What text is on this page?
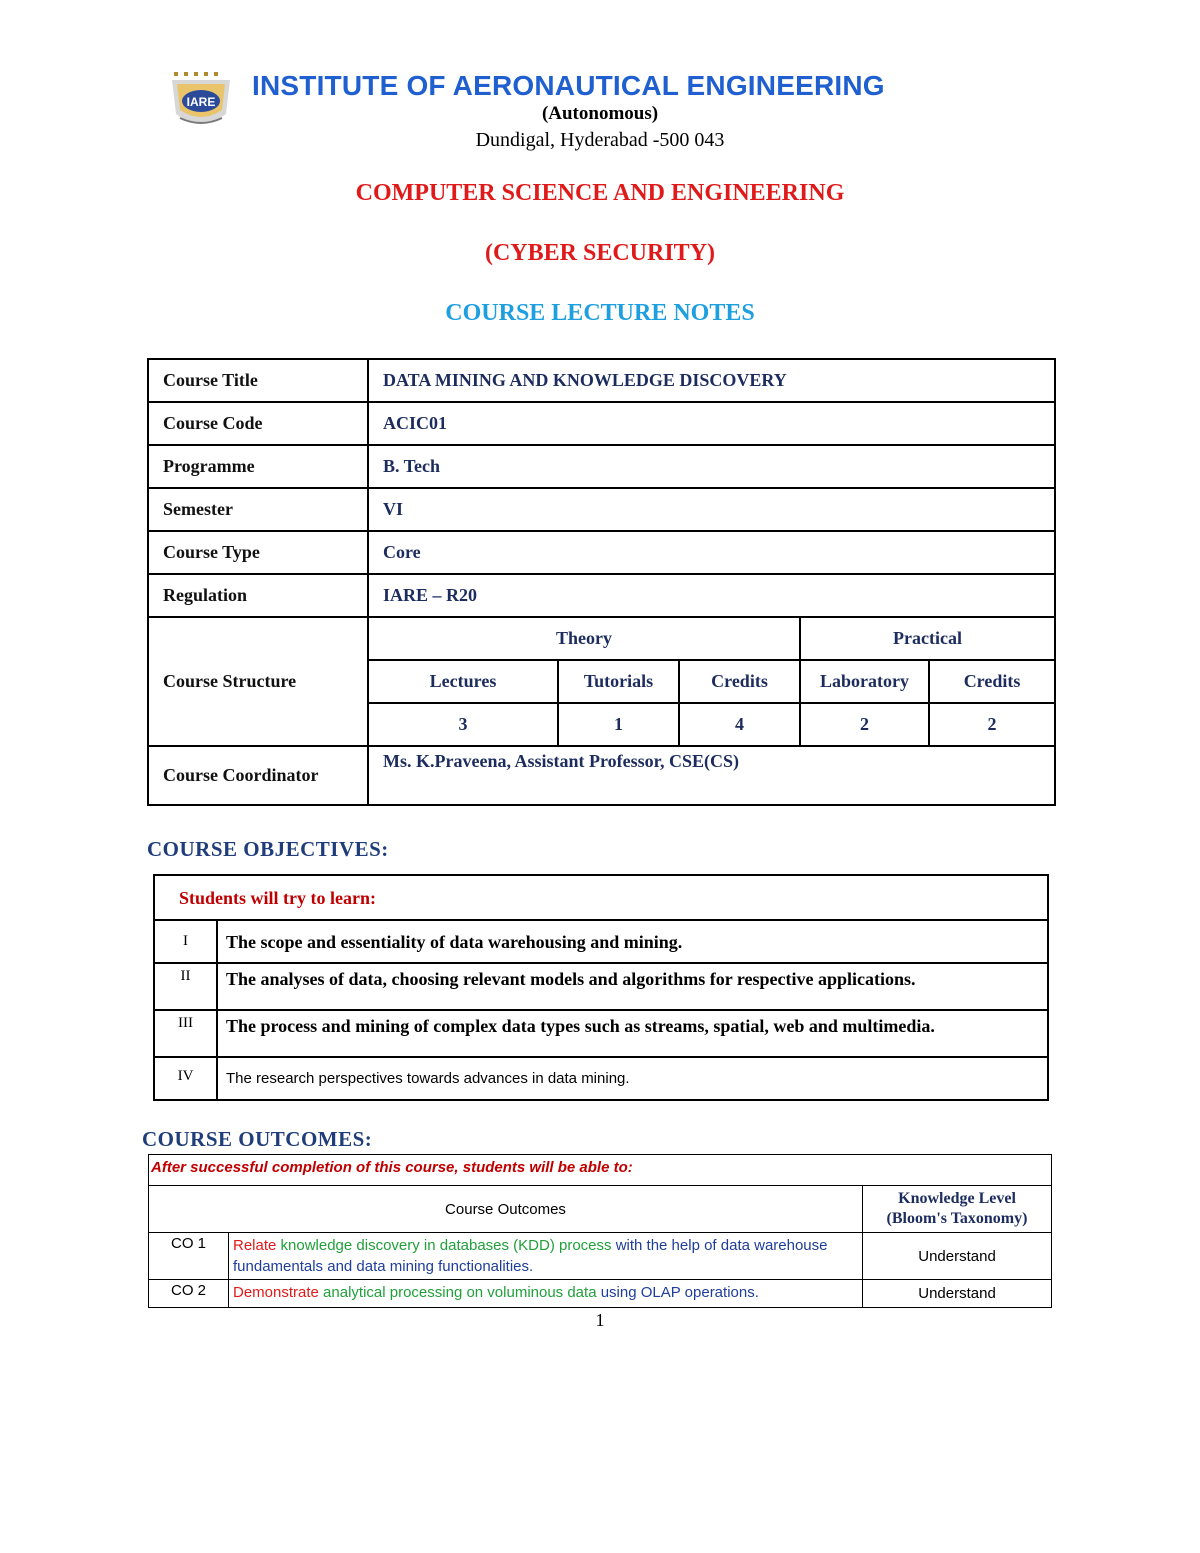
IARE
INSTITUTE OF AERONAUTICAL ENGINEERING
(Autonomous)
Dundigal, Hyderabad -500 043
COMPUTER SCIENCE AND ENGINEERING
(CYBER SECURITY)
COURSE LECTURE NOTES
Course Title	DATA MINING AND KNOWLEDGE DISCOVERY				
Course Code	ACIC01				
Programme	B. Tech				
Semester	VI				
Course Type	Core				
Regulation	IARE – R20				
Course Structure	Theory			Practical	
	Lectures	Tutorials	Credits	Laboratory	Credits
	3	1	4	2	2
Course Coordinator	Ms. K.Praveena, Assistant Professor, CSE(CS)				
COURSE OBJECTIVES:
Students will try to learn:	
I	The scope and essentiality of data warehousing and mining.
II	The analyses of data, choosing relevant models and algorithms for respective applications.
III	The process and mining of complex data types such as streams, spatial, web and multimedia.
IV	The research perspectives towards advances in data mining.
COURSE OUTCOMES:
After successful completion of this course, students will be able to:		
Course Outcomes		Knowledge Level
(Bloom's Taxonomy)

CO 1	Relate knowledge discovery in databases (KDD) process with the help of data warehouse fundamentals and data mining functionalities.	Understand
CO 2	Demonstrate analytical processing on voluminous data using OLAP operations.	Understand
1
